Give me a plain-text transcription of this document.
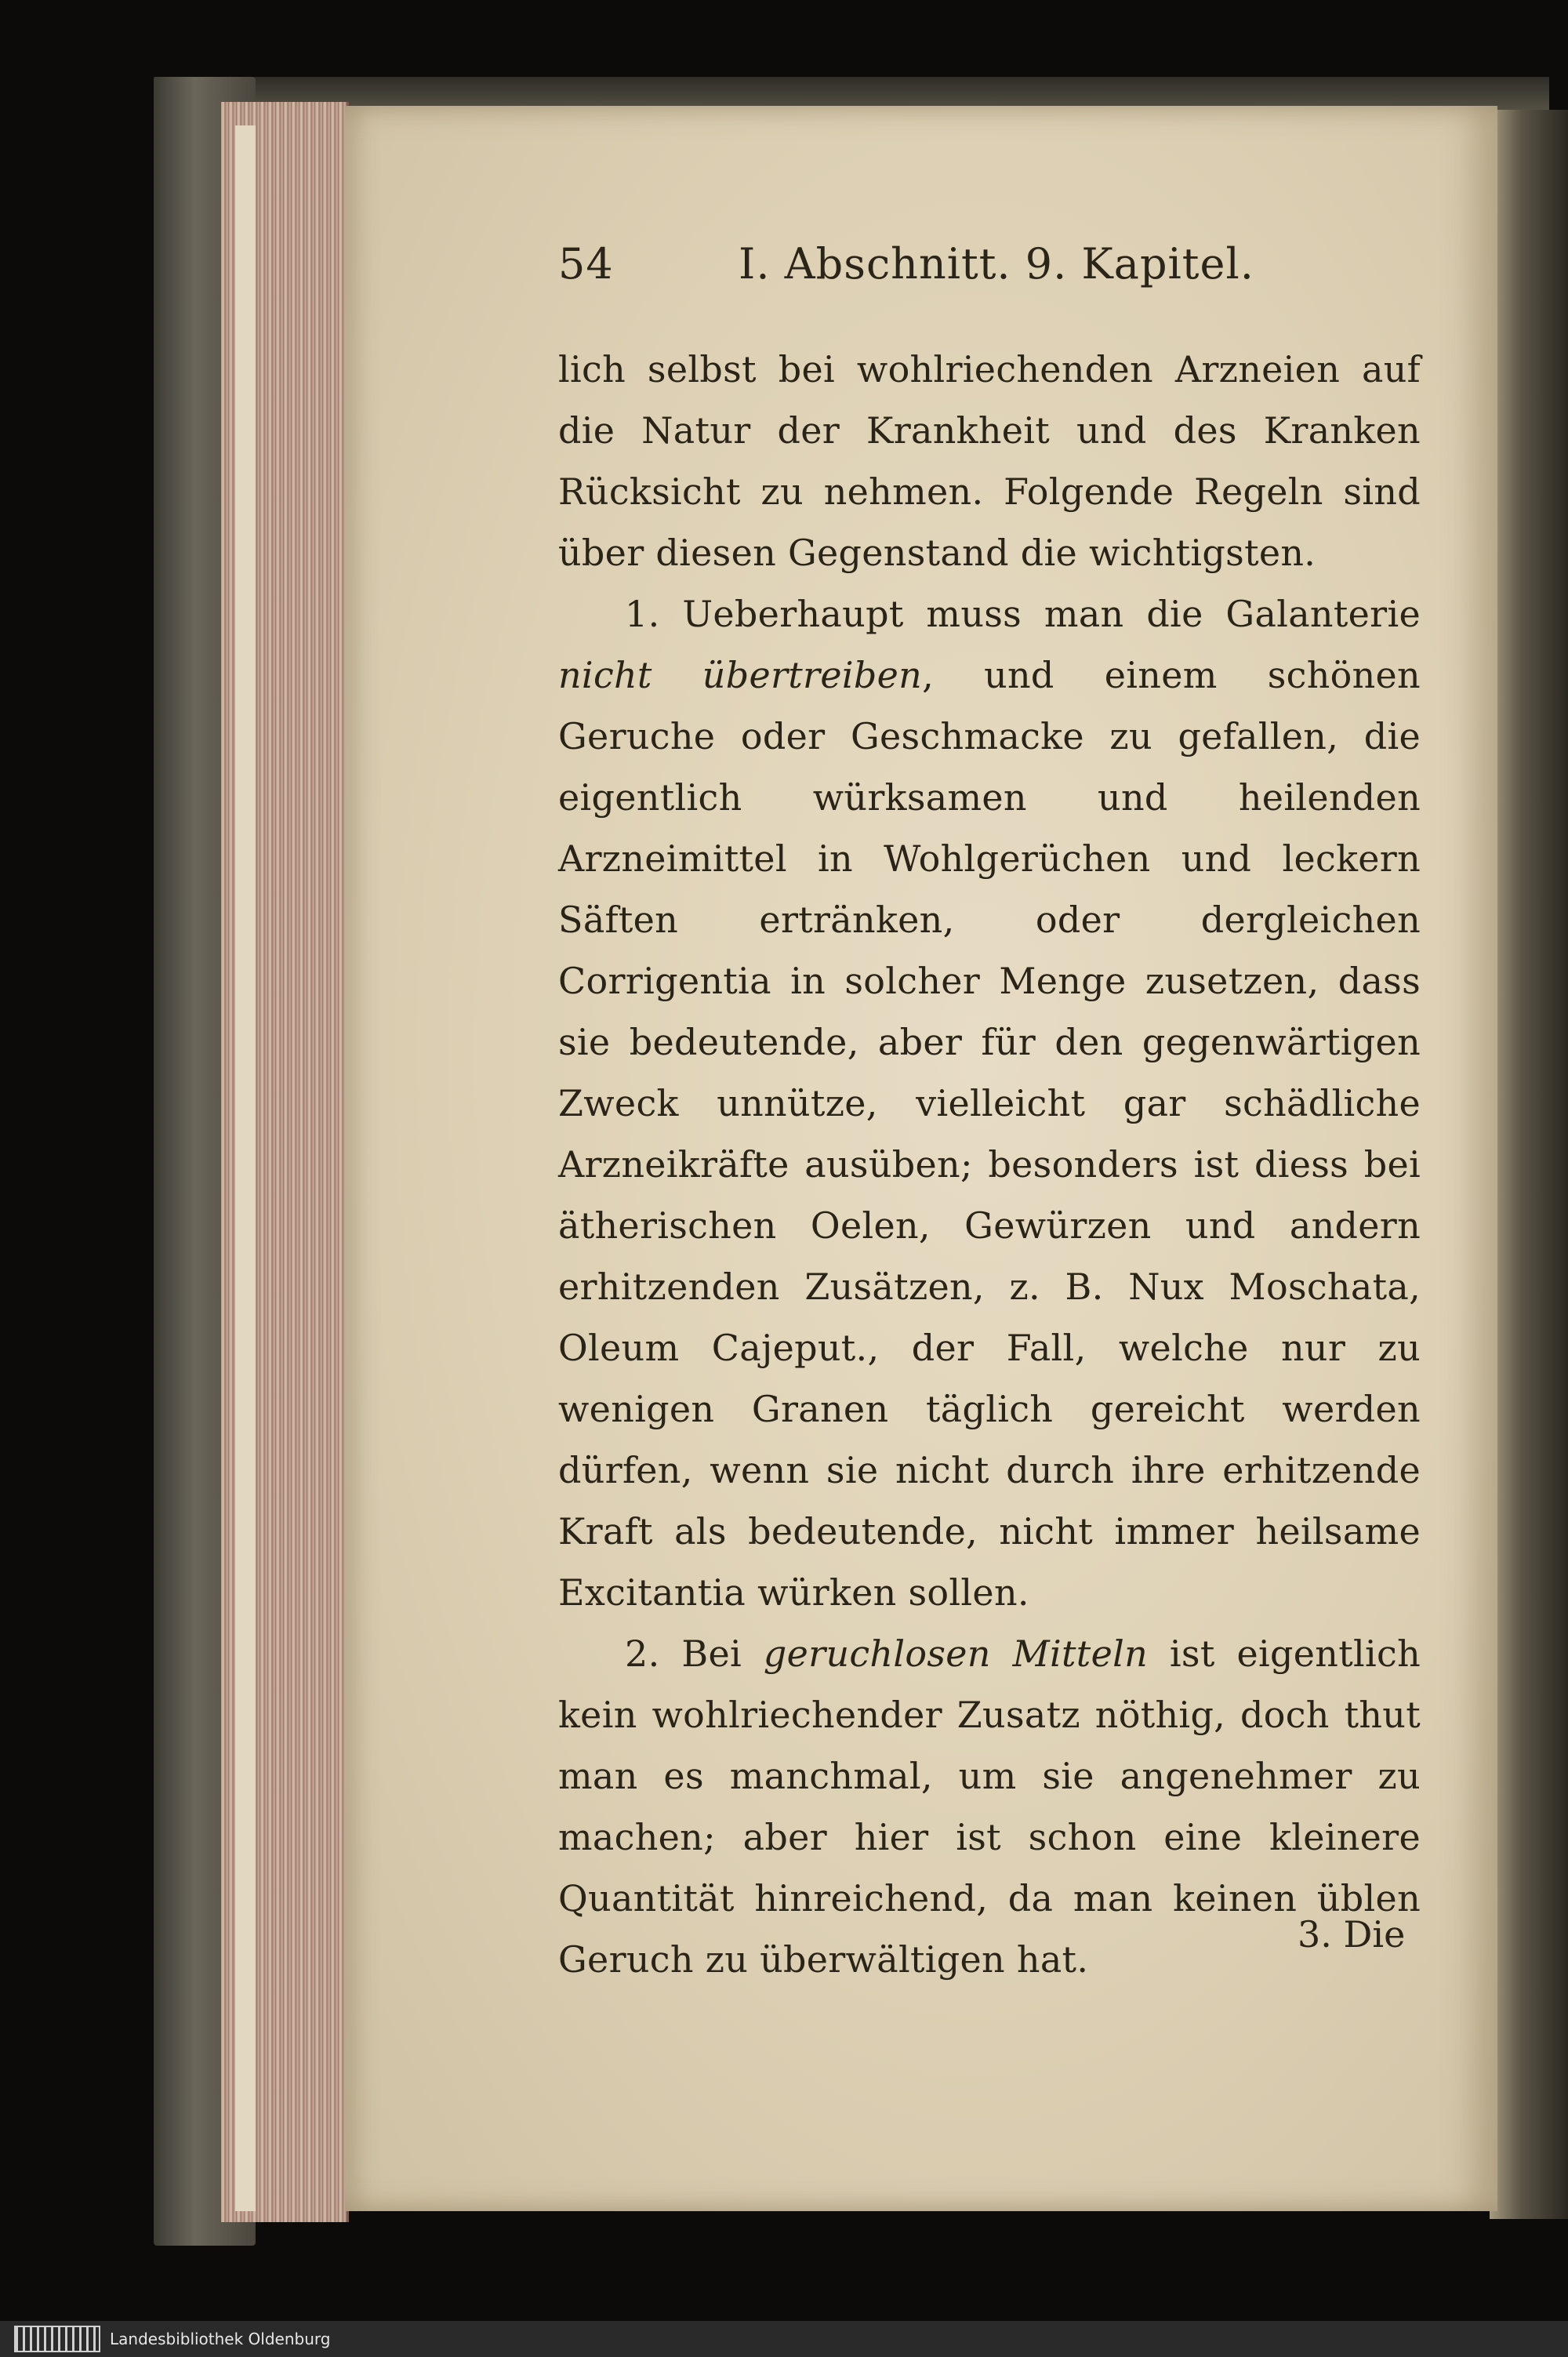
54	I. Abschnitt. 9. Kapitel.

lich selbst bei wohlriechenden Arzneien auf die Natur der Krankheit und des Kranken Rücksicht zu nehmen. Folgende Regeln sind über diesen Gegenstand die wichtigsten.

1. Ueberhaupt muss man die Galanterie nicht übertreiben, und einem schönen Geruche oder Geschmacke zu gefallen, die eigentlich würksamen und heilenden Arzneimittel in Wohlgerüchen und leckern Säften ertränken, oder dergleichen Corrigentia in solcher Menge zusetzen, dass sie bedeutende, aber für den gegenwärtigen Zweck unnütze, vielleicht gar schädliche Arzneikräfte ausüben; besonders ist diess bei ätherischen Oelen, Gewürzen und andern erhitzenden Zusätzen, z. B. Nux Moschata, Oleum Cajeput., der Fall, welche nur zu wenigen Granen täglich gereicht werden dürfen, wenn sie nicht durch ihre erhitzende Kraft als bedeutende, nicht immer heilsame Excitantia würken sollen.

2. Bei geruchlosen Mitteln ist eigentlich kein wohlriechender Zusatz nöthig, doch thut man es manchmal, um sie angenehmer zu machen; aber hier ist schon eine kleinere Quantität hinreichend, da man keinen üblen Geruch zu überwältigen hat.

3. Die
Landesbibliothek Oldenburg
